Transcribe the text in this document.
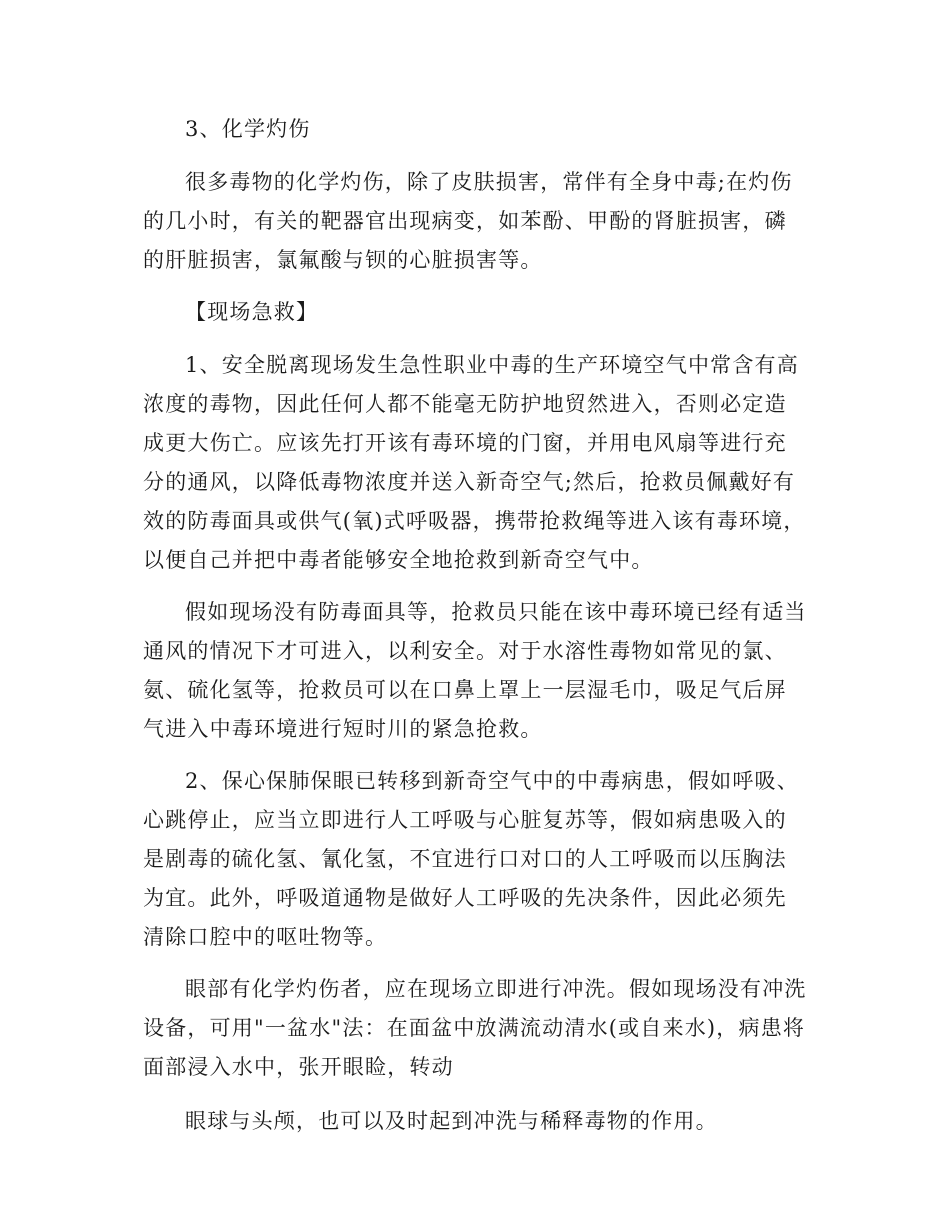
3、化学灼伤

很多毒物的化学灼伤，除了皮肤损害，常伴有全身中毒;在灼伤的几小时，有关的靶器官出现病变，如苯酚、甲酚的肾脏损害，磷的肝脏损害，氯氟酸与钡的心脏损害等。

【现场急救】

1、安全脱离现场发生急性职业中毒的生产环境空气中常含有高浓度的毒物，因此任何人都不能毫无防护地贸然进入，否则必定造成更大伤亡。应该先打开该有毒环境的门窗，并用电风扇等进行充分的通风，以降低毒物浓度并送入新奇空气;然后，抢救员佩戴好有效的防毒面具或供气(氧)式呼吸器，携带抢救绳等进入该有毒环境，以便自己并把中毒者能够安全地抢救到新奇空气中。

假如现场没有防毒面具等，抢救员只能在该中毒环境已经有适当通风的情况下才可进入，以利安全。对于水溶性毒物如常见的氯、氨、硫化氢等，抢救员可以在口鼻上罩上一层湿毛巾，吸足气后屏气进入中毒环境进行短时川的紧急抢救。

2、保心保肺保眼已转移到新奇空气中的中毒病患，假如呼吸、心跳停止，应当立即进行人工呼吸与心脏复苏等，假如病患吸入的是剧毒的硫化氢、氰化氢，不宜进行口对口的人工呼吸而以压胸法为宜。此外，呼吸道通物是做好人工呼吸的先决条件，因此必须先清除口腔中的呕吐物等。

眼部有化学灼伤者，应在现场立即进行冲洗。假如现场没有冲洗设备，可用"一盆水"法：在面盆中放满流动清水(或自来水)，病患将面部浸入水中，张开眼睑，转动

眼球与头颅，也可以及时起到冲洗与稀释毒物的作用。
